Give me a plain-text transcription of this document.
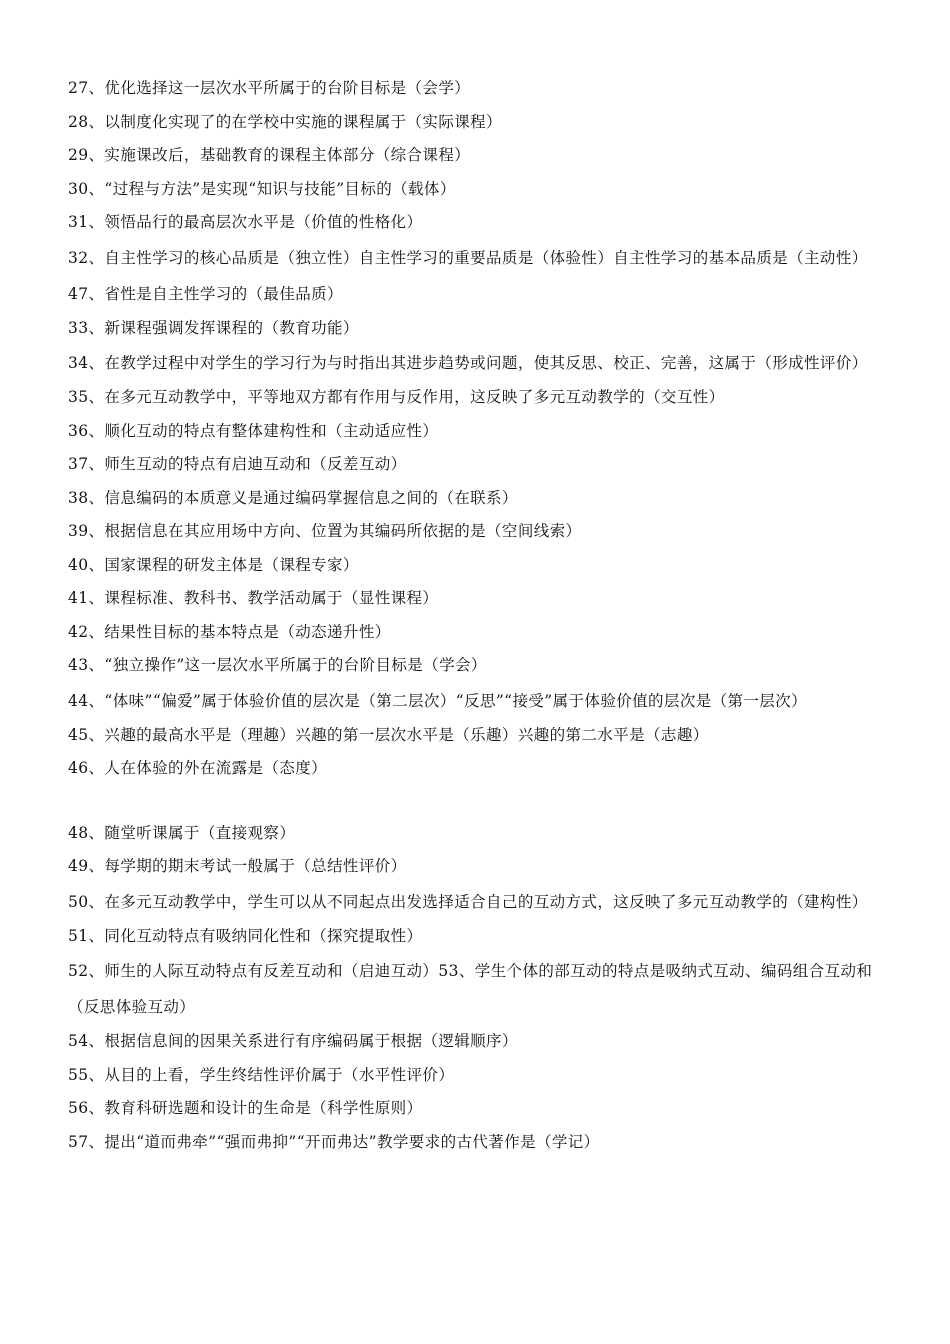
27、优化选择这一层次水平所属于的台阶目标是（会学）

28、以制度化实现了的在学校中实施的课程属于（实际课程）

29、实施课改后，基础教育的课程主体部分（综合课程）

30、“过程与方法”是实现“知识与技能”目标的（载体）

31、领悟品行的最高层次水平是（价值的性格化）

32、自主性学习的核心品质是（独立性）自主性学习的重要品质是（体验性）自主性学习的基本品质是（主动性）47、省性是自主性学习的（最佳品质）

33、新课程强调发挥课程的（教育功能）

34、在教学过程中对学生的学习行为与时指出其进步趋势或问题，使其反思、校正、完善，这属于（形成性评价）

35、在多元互动教学中，平等地双方都有作用与反作用，这反映了多元互动教学的（交互性）

36、顺化互动的特点有整体建构性和（主动适应性）

37、师生互动的特点有启迪互动和（反差互动）

38、信息编码的本质意义是通过编码掌握信息之间的（在联系）

39、根据信息在其应用场中方向、位置为其编码所依据的是（空间线索）

40、国家课程的研发主体是（课程专家）

41、课程标准、教科书、教学活动属于（显性课程）

42、结果性目标的基本特点是（动态递升性）

43、“独立操作”这一层次水平所属于的台阶目标是（学会）

44、“体味”“偏爱”属于体验价值的层次是（第二层次）“反思”“接受”属于体验价值的层次是（第一层次）

45、兴趣的最高水平是（理趣）兴趣的第一层次水平是（乐趣）兴趣的第二水平是（志趣）

46、人在体验的外在流露是（态度）

48、随堂听课属于（直接观察）

49、每学期的期末考试一般属于（总结性评价）

50、在多元互动教学中，学生可以从不同起点出发选择适合自己的互动方式，这反映了多元互动教学的（建构性）

51、同化互动特点有吸纳同化性和（探究提取性）

52、师生的人际互动特点有反差互动和（启迪互动）53、学生个体的部互动的特点是吸纳式互动、编码组合互动和（反思体验互动）

54、根据信息间的因果关系进行有序编码属于根据（逻辑顺序）

55、从目的上看，学生终结性评价属于（水平性评价）

56、教育科研选题和设计的生命是（科学性原则）

57、提出“道而弗牵”“强而弗抑”“开而弗达”教学要求的古代著作是（学记）
